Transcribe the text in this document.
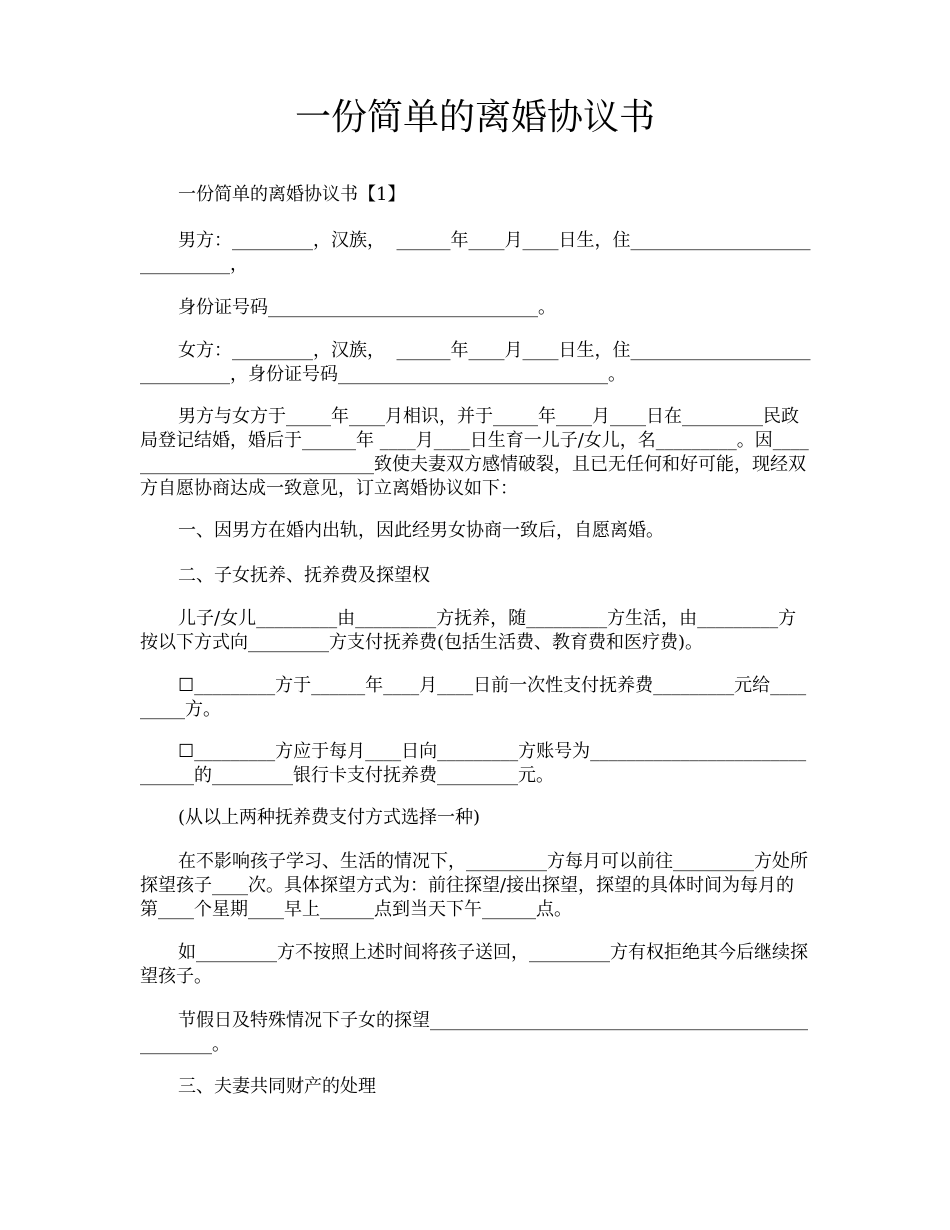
一份简单的离婚协议书
一份简单的离婚协议书【1】
男方：_________，汉族，  ______年____月____日生，住______________________________，
身份证号码______________________________。
女方：_________，汉族，  ______年____月____日生，住______________________________，身份证号码______________________________。
男方与女方于_____年____月相识，并于_____年____月____日在_________民政局登记结婚，婚后于______年 ____月____日生育一儿子/女儿，名_________。因______________________________致使夫妻双方感情破裂，且已无任何和好可能，现经双方自愿协商达成一致意见，订立离婚协议如下：
一、因男方在婚内出轨，因此经男女协商一致后，自愿离婚。
二、子女抚养、抚养费及探望权
儿子/女儿_________由_________方抚养，随_________方生活，由_________方按以下方式向_________方支付抚养费(包括生活费、教育费和医疗费)。
☐_________方于______年____月____日前一次性支付抚养费_________元给_________方。
☐_________方应于每月____日向_________方账号为______________________________的_________银行卡支付抚养费_________元。
(从以上两种抚养费支付方式选择一种)
在不影响孩子学习、生活的情况下，_________方每月可以前往_________方处所探望孩子____次。具体探望方式为：前往探望/接出探望，探望的具体时间为每月的第____个星期____早上______点到当天下午______点。
如_________方不按照上述时间将孩子送回，_________方有权拒绝其今后继续探望孩子。
节假日及特殊情况下子女的探望__________________________________________________。
三、夫妻共同财产的处理
